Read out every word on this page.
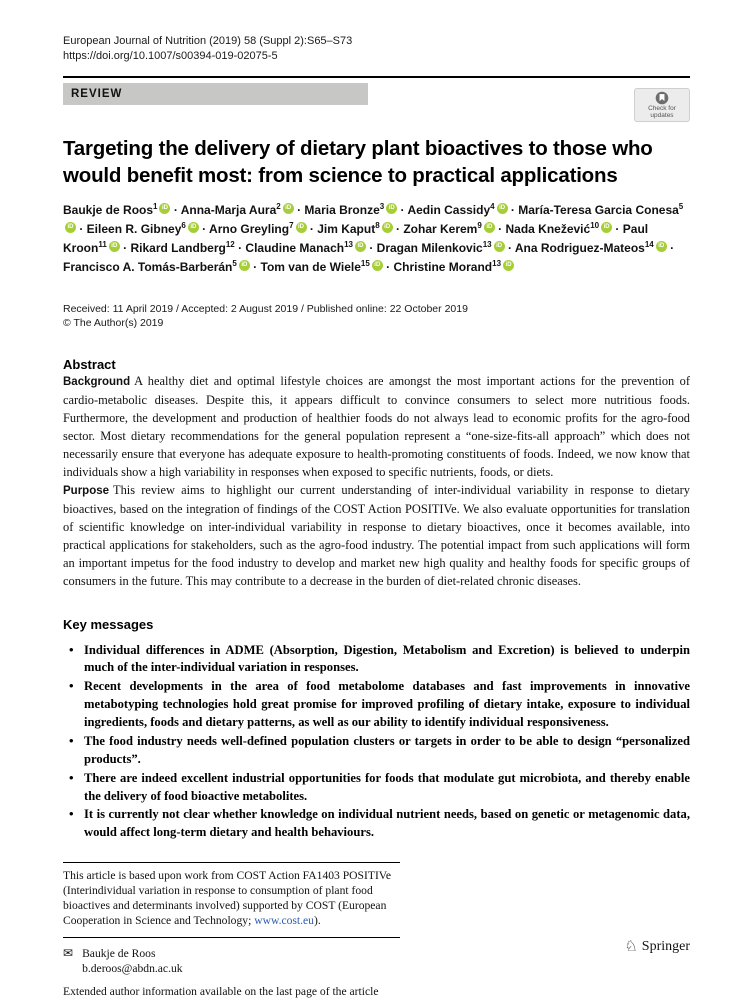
European Journal of Nutrition (2019) 58 (Suppl 2):S65–S73
https://doi.org/10.1007/s00394-019-02075-5
REVIEW
Check for
updates
Targeting the delivery of dietary plant bioactives to those who would benefit most: from science to practical applications
Baukje de Roos$^1$ iD · Anna-Marja Aura$^2$ iD · Maria Bronze$^3$ iD · Aedin Cassidy$^4$ iD · María-Teresa Garcia Conesa$^5$iD · Eileen R. Gibney$^6$ iD · Arno Greyling$^7$ iD · Jim Kaput$^8$ iD · Zohar Kerem$^9$ iD · Nada Knežević$^{10}$ iD · Paul Kroon$^{11}$ iD · Rikard Landberg$^{12}$ · Claudine Manach$^{13}$ iD · Dragan Milenkovic$^{13}$ iD · Ana Rodriguez-Mateos$^{14}$ iD · Francisco A. Tomás-Barberán$^5$ iD · Tom van de Wiele$^{15}$ iD · Christine Morand$^{13}$ iD
Received: 11 April 2019 / Accepted: 2 August 2019 / Published online: 22 October 2019
© The Author(s) 2019
Abstract

Background A healthy diet and optimal lifestyle choices are amongst the most important actions for the prevention of cardio-metabolic diseases. Despite this, it appears difficult to convince consumers to select more nutritious foods. Furthermore, the development and production of healthier foods do not always lead to economic profits for the agro-food sector. Most dietary recommendations for the general population represent a “one-size-fits-all approach” which does not necessarily ensure that everyone has adequate exposure to health-promoting constituents of foods. Indeed, we now know that individuals show a high variability in responses when exposed to specific nutrients, foods, or diets.

Purpose This review aims to highlight our current understanding of inter-individual variability in response to dietary bioactives, based on the integration of findings of the COST Action POSITIVe. We also evaluate opportunities for translation of scientific knowledge on inter-individual variability in response to dietary bioactives, once it becomes available, into practical applications for stakeholders, such as the agro-food industry. The potential impact from such applications will form an important impetus for the food industry to develop and market new high quality and healthy foods for specific groups of consumers in the future. This may contribute to a decrease in the burden of diet-related chronic diseases.

Key messages
• Individual differences in ADME (Absorption, Digestion, Metabolism and Excretion) is believed to underpin much of the inter-individual variation in responses.
• Recent developments in the area of food metabolome databases and fast improvements in innovative metabotyping technologies hold great promise for improved profiling of dietary intake, exposure to individual ingredients, foods and dietary patterns, as well as our ability to identify individual responsiveness.
• The food industry needs well-defined population clusters or targets in order to be able to design “personalized products”.
• There are indeed excellent industrial opportunities for foods that modulate gut microbiota, and thereby enable the delivery of food bioactive metabolites.
• It is currently not clear whether knowledge on individual nutrient needs, based on genetic or metagenomic data, would affect long-term dietary and health behaviours.
This article is based upon work from COST Action FA1403 POSITIVe (Interindividual variation in response to consumption of plant food bioactives and determinants involved) supported by COST (European Cooperation in Science and Technology; www.cost.eu).
✉ Baukje de Roos
b.deroos@abdn.ac.uk
Extended author information available on the last page of the article
♘ Springer
